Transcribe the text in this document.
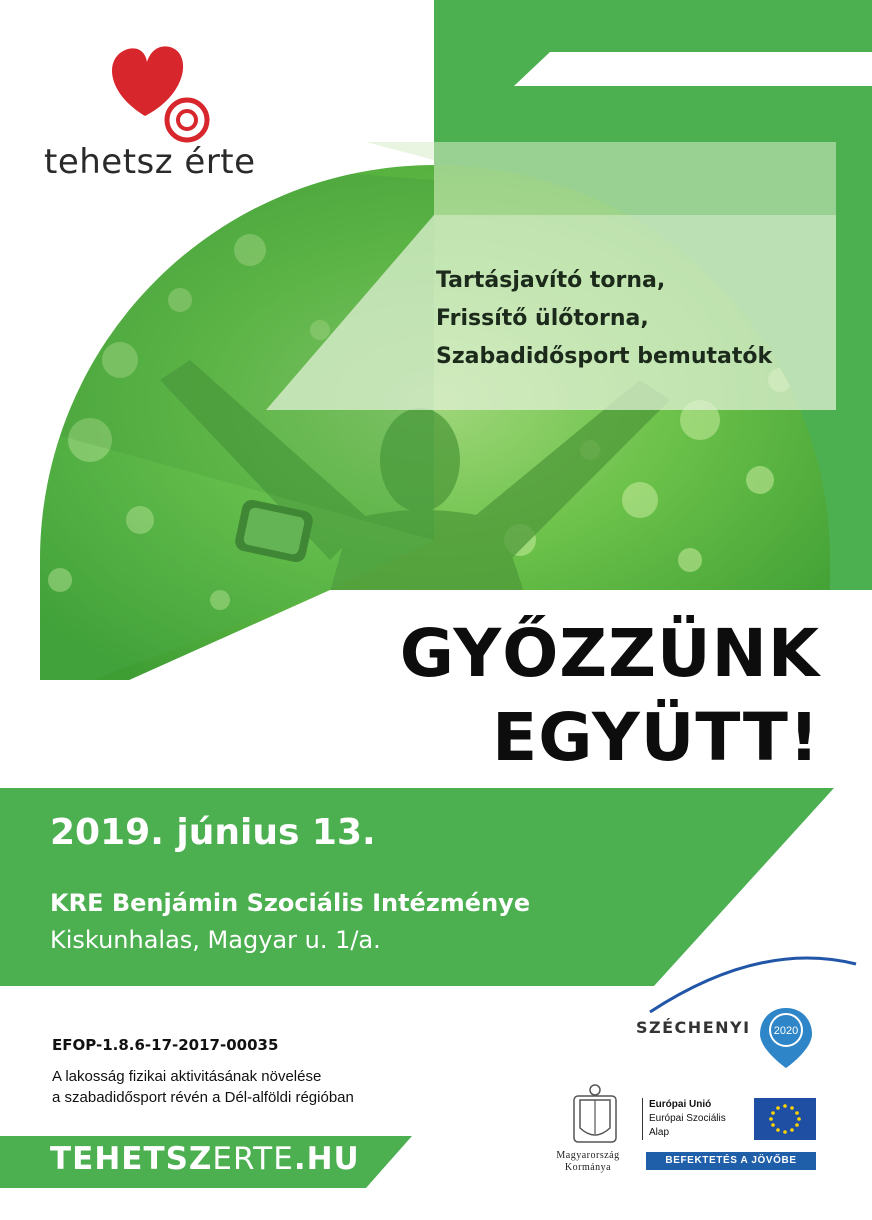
2020
tehetsz érte
Tartásjavító torna,
Frissítő ülőtorna,
Szabadidősport bemutatók
GYŐZZÜNK
EGYÜTT!
2019. június 13.
KRE Benjámin Szociális Intézménye
Kiskunhalas, Magyar u. 1/a.
EFOP-1.8.6-17-2017-00035
A lakosság fizikai aktivitásának növelése
a szabadidősport révén a Dél-alföldi régióban
TEHETSZERTE.HU
SZÉCHENYI
Magyarország
Kormánya
Európai Unió
Európai Szociális
Alap
BEFEKTETÉS A JÖVŐBE
